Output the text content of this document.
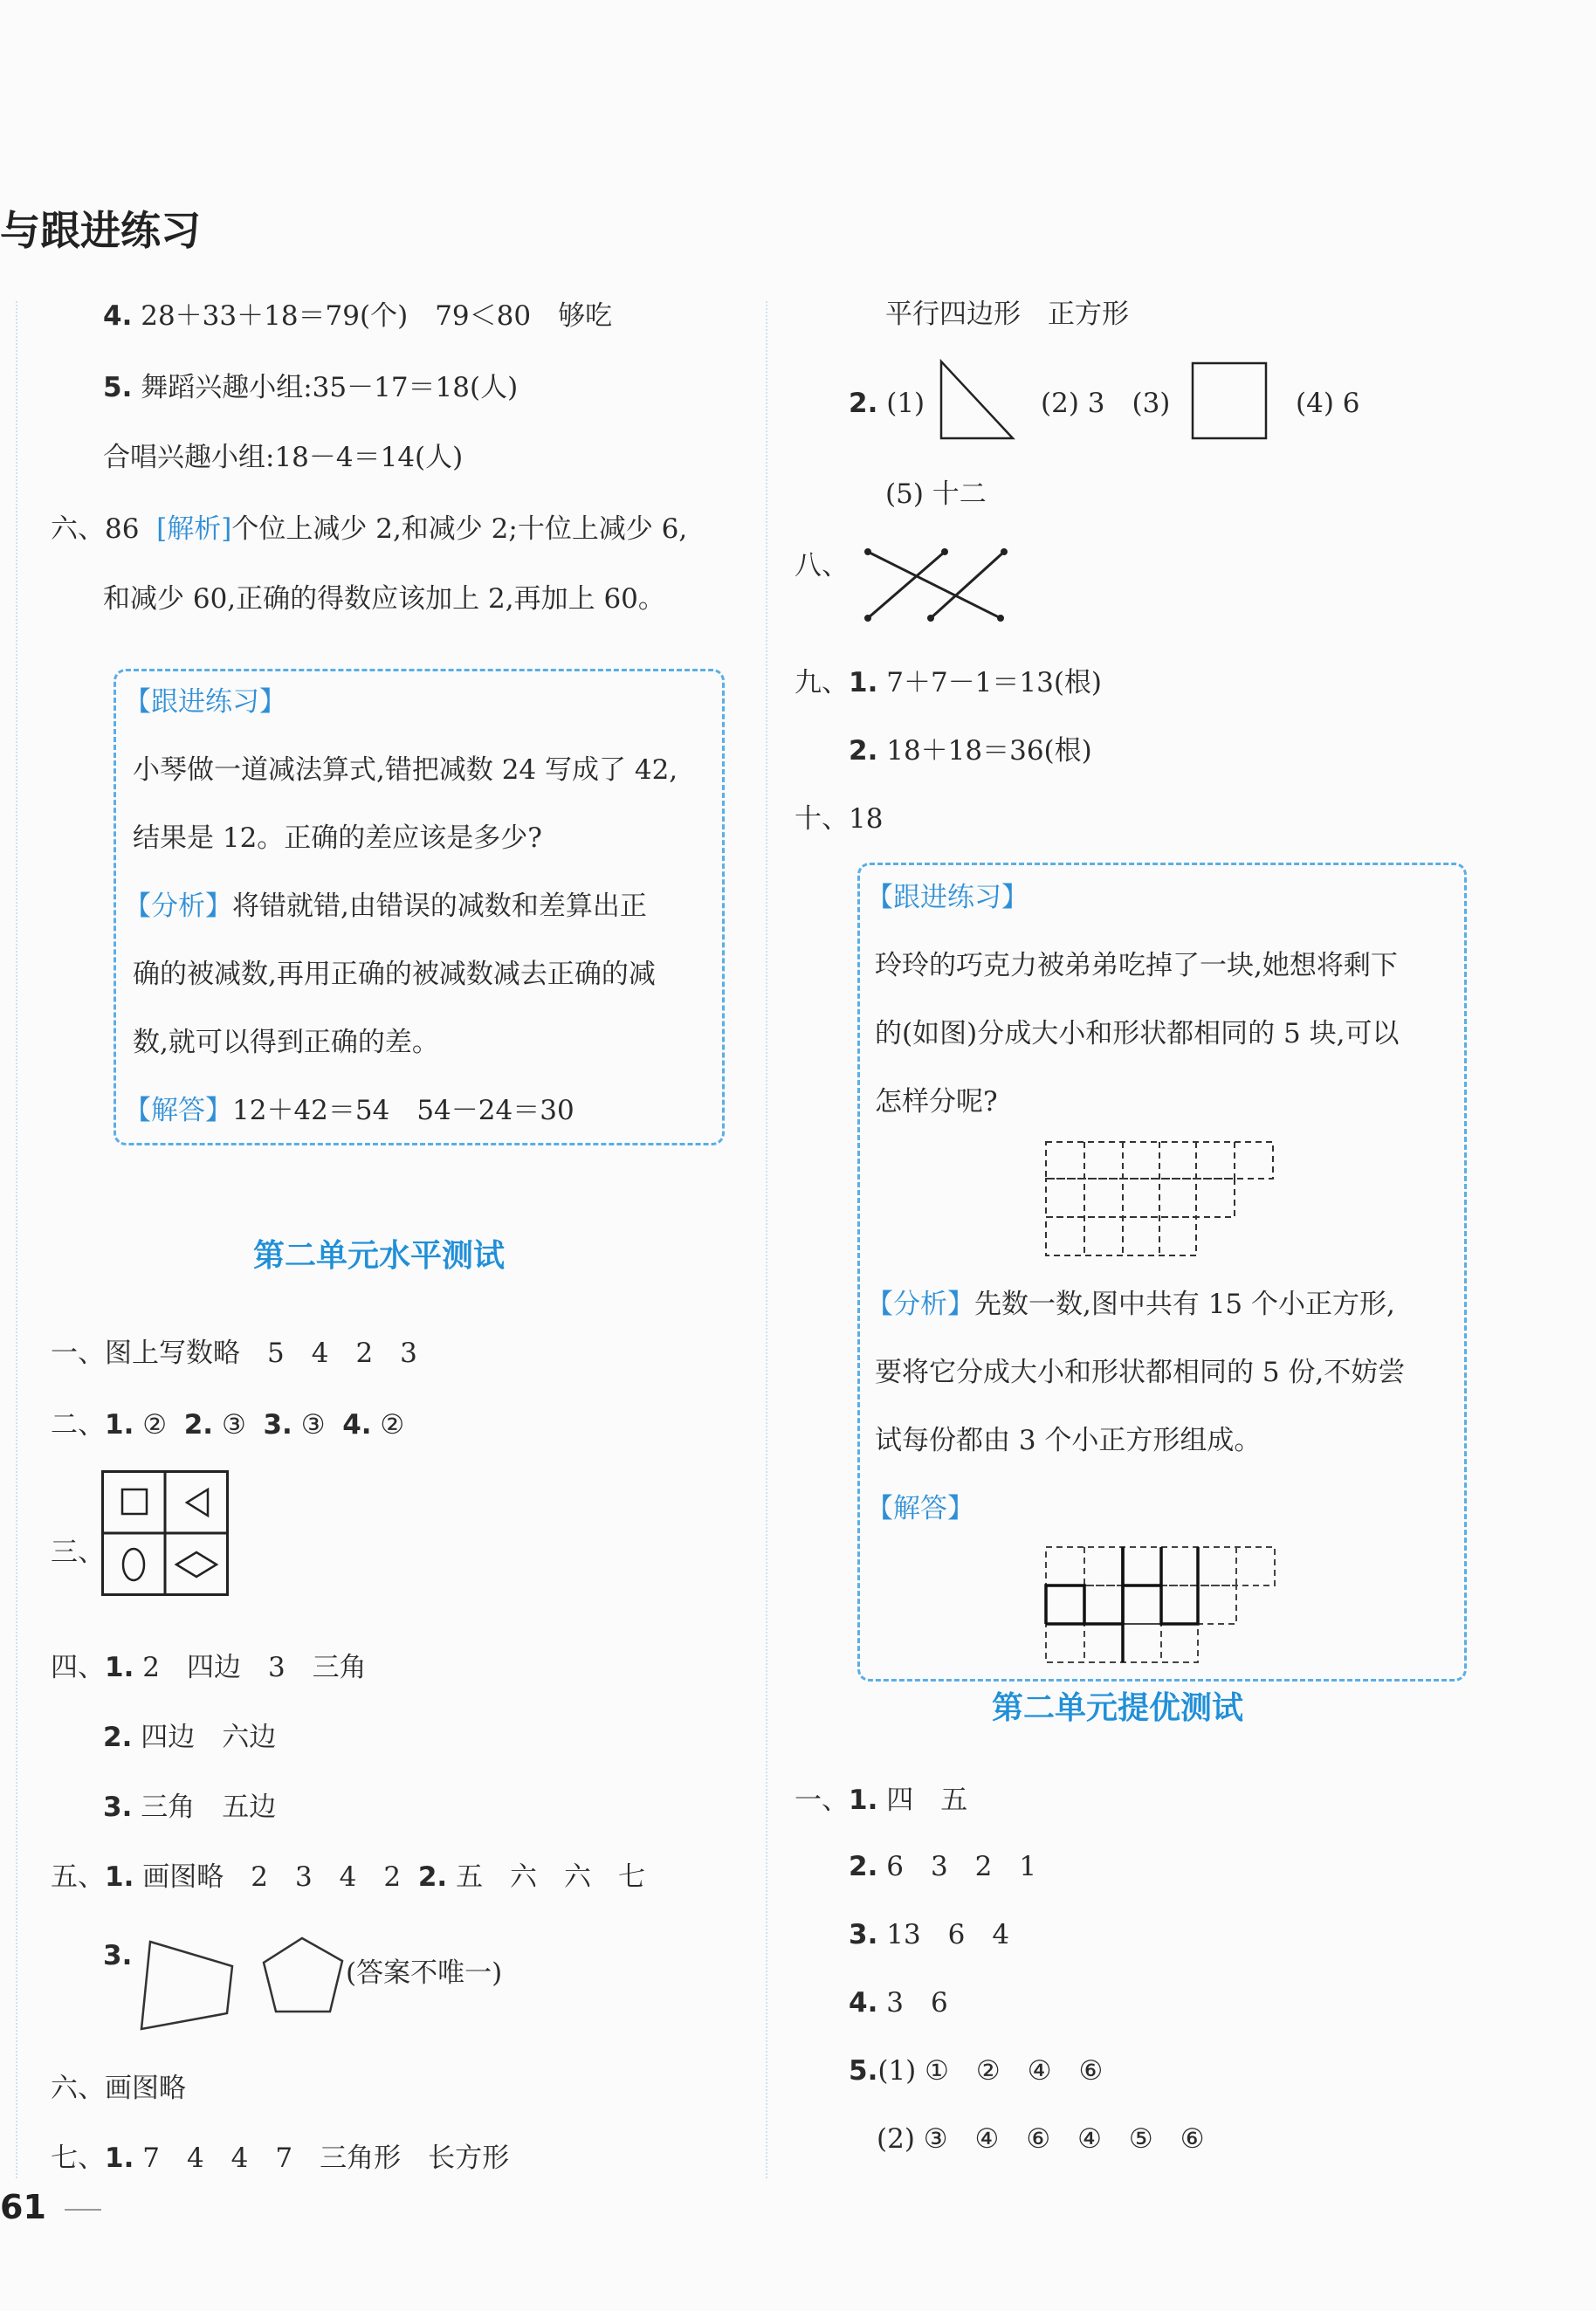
与跟进练习
4. 28＋33＋18＝79(个)　79＜80　够吃
5. 舞蹈兴趣小组:35－17＝18(人)
合唱兴趣小组:18－4＝14(人)
六、86 [解析]个位上减少 2,和减少 2;十位上减少 6,
和减少 60,正确的得数应该加上 2,再加上 60。
【跟进练习】
小琴做一道减法算式,错把减数 24 写成了 42,
结果是 12。正确的差应该是多少?
【分析】将错就错,由错误的减数和差算出正
确的被减数,再用正确的被减数减去正确的减
数,就可以得到正确的差。
【解答】12＋42＝54　54－24＝30
第二单元水平测试
一、图上写数略　5　4　2　3
二、1. ② 2. ③ 3. ③ 4. ②
三、
四、1. 2　四边　3　三角
2. 四边　六边
3. 三角　五边
五、1. 画图略　2　3　4　2 2. 五　六　六　七
3.
(答案不唯一)
六、画图略
七、1. 7　4　4　7　三角形　长方形
61
平行四边形　正方形
2. (1)	(2) 3　(3)	(4) 6
(5) 十二
八、
九、1. 7＋7－1＝13(根)
2. 18＋18＝36(根)
十、18
【跟进练习】
玲玲的巧克力被弟弟吃掉了一块,她想将剩下
的(如图)分成大小和形状都相同的 5 块,可以
怎样分呢?
【分析】先数一数,图中共有 15 个小正方形,
要将它分成大小和形状都相同的 5 份,不妨尝
试每份都由 3 个小正方形组成。
【解答】
第二单元提优测试
一、1. 四　五
2. 6　3　2　1
3. 13　6　4
4. 3　6
5.(1) ①　②　④　⑥
(2) ③　④　⑥　④　⑤　⑥
